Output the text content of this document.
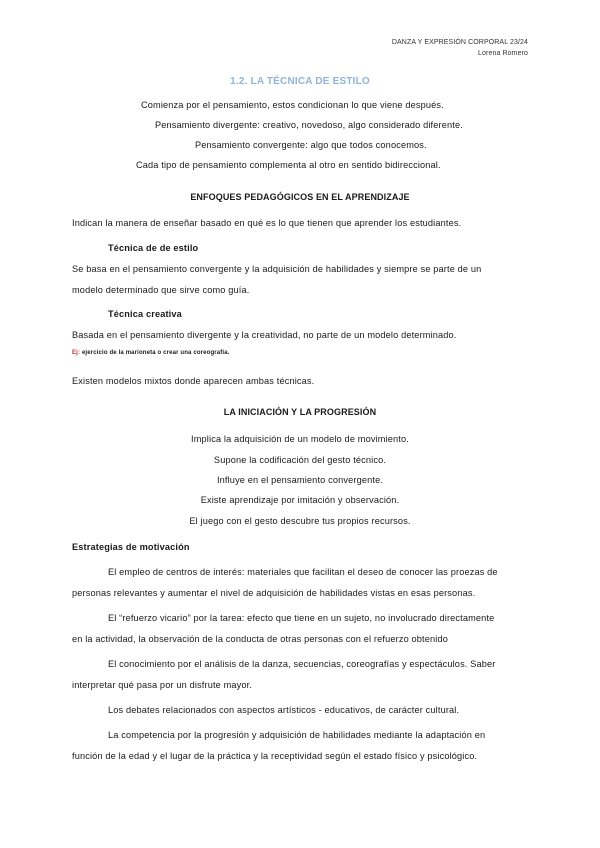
DANZA Y EXPRESIÓN CORPORAL 23/24
Lorena Romero
1.2. LA TÉCNICA DE ESTILO
Comienza por el pensamiento, estos condicionan lo que viene después.
Pensamiento divergente: creativo, novedoso, algo considerado diferente.
Pensamiento convergente: algo que todos conocemos.
Cada tipo de pensamiento complementa al otro en sentido bidireccional.
ENFOQUES PEDAGÓGICOS EN EL APRENDIZAJE
Indican la manera de enseñar basado en qué es lo que tienen que aprender los estudiantes.
Técnica de de estilo
Se basa en el pensamiento convergente y la adquisición de habilidades y siempre se parte de un
modelo determinado que sirve como guía.
Técnica creativa
Basada en el pensamiento divergente y la creatividad, no parte de un modelo determinado.
Ej: ejercicio de la marioneta o crear una coreografía.
Existen modelos mixtos donde aparecen ambas técnicas.
LA INICIACIÓN Y LA PROGRESIÓN
Implica la adquisición de un modelo de movimiento.
Supone la codificación del gesto técnico.
Influye en el pensamiento convergente.
Existe aprendizaje por imitación y observación.
El juego con el gesto descubre tus propios recursos.
Estrategias de motivación
El empleo de centros de interés: materiales que facilitan el deseo de conocer las proezas de
personas relevantes y aumentar el nivel de adquisición de habilidades vistas en esas personas.
El “refuerzo vicario” por la tarea: efecto que tiene en un sujeto, no involucrado directamente
en la actividad, la observación de la conducta de otras personas con el refuerzo obtenido
El conocimiento por el análisis de la danza, secuencias, coreografías y espectáculos. Saber
interpretar qué pasa por un disfrute mayor.
Los debates relacionados con aspectos artísticos - educativos, de carácter cultural.
La competencia por la progresión y adquisición de habilidades mediante la adaptación en
función de la edad y el lugar de la práctica y la receptividad según el estado físico y psicológico.
